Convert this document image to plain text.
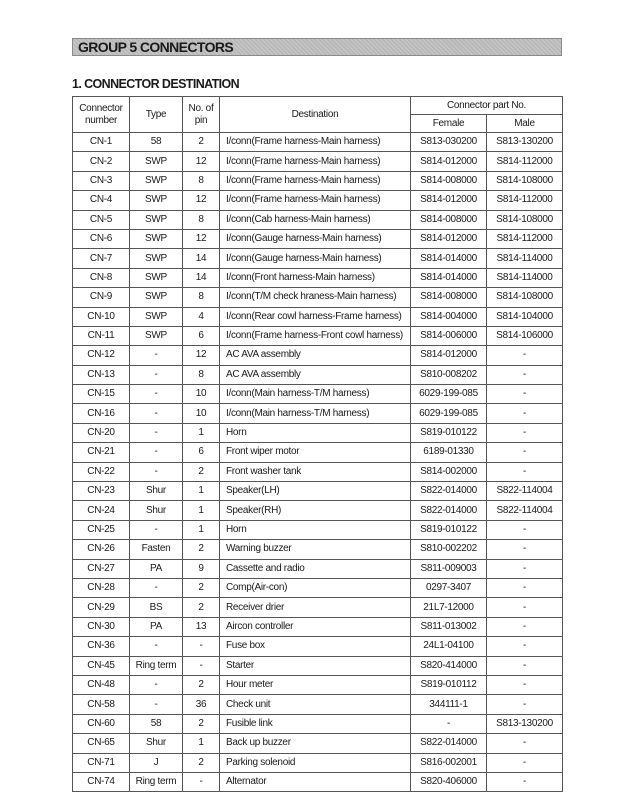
GROUP 5 CONNECTORS
1. CONNECTOR DESTINATION
Connector number	Type	No. of pin	Destination	Connector part No.	
				Female	Male
CN-1	58	2	I/conn(Frame harness-Main harness)	S813-030200	S813-130200
CN-2	SWP	12	I/conn(Frame harness-Main harness)	S814-012000	S814-112000
CN-3	SWP	8	I/conn(Frame harness-Main harness)	S814-008000	S814-108000
CN-4	SWP	12	I/conn(Frame harness-Main harness)	S814-012000	S814-112000
CN-5	SWP	8	I/conn(Cab harness-Main harness)	S814-008000	S814-108000
CN-6	SWP	12	I/conn(Gauge harness-Main harness)	S814-012000	S814-112000
CN-7	SWP	14	I/conn(Gauge harness-Main harness)	S814-014000	S814-114000
CN-8	SWP	14	I/conn(Front harness-Main harness)	S814-014000	S814-114000
CN-9	SWP	8	I/conn(T/M check hraness-Main harness)	S814-008000	S814-108000
CN-10	SWP	4	I/conn(Rear cowl harness-Frame harness)	S814-004000	S814-104000
CN-11	SWP	6	I/conn(Frame harness-Front cowl harness)	S814-006000	S814-106000
CN-12	-	12	AC AVA assembly	S814-012000	-
CN-13	-	8	AC AVA assembly	S810-008202	-
CN-15	-	10	I/conn(Main harness-T/M harness)	6029-199-085	-
CN-16	-	10	I/conn(Main harness-T/M harness)	6029-199-085	-
CN-20	-	1	Horn	S819-010122	-
CN-21	-	6	Front wiper motor	6189-01330	-
CN-22	-	2	Front washer tank	S814-002000	-
CN-23	Shur	1	Speaker(LH)	S822-014000	S822-114004
CN-24	Shur	1	Speaker(RH)	S822-014000	S822-114004
CN-25	-	1	Horn	S819-010122	-
CN-26	Fasten	2	Warning buzzer	S810-002202	-
CN-27	PA	9	Cassette and radio	S811-009003	-
CN-28	-	2	Comp(Air-con)	0297-3407	-
CN-29	BS	2	Receiver drier	21L7-12000	-
CN-30	PA	13	Aircon controller	S811-013002	-
CN-36	-	-	Fuse box	24L1-04100	-
CN-45	Ring term	-	Starter	S820-414000	-
CN-48	-	2	Hour meter	S819-010112	-
CN-58	-	36	Check unit	344111-1	-
CN-60	58	2	Fusible link	-	S813-130200
CN-65	Shur	1	Back up buzzer	S822-014000	-
CN-71	J	2	Parking solenoid	S816-002001	-
CN-74	Ring term	-	Alternator	S820-406000	-
